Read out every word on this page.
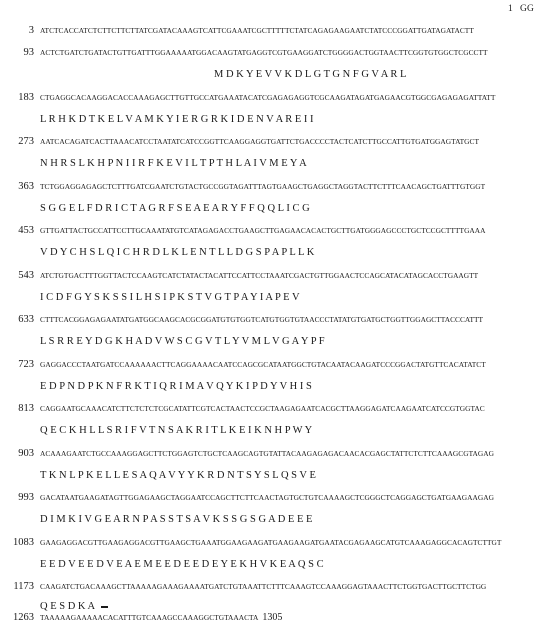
1 GG
3 ATCTCACCATCTCTTCTTCTTATCGATACAAAGTCATTCGAAATCGCTTTTTCTATCAGAGAAGAATCTATCCCGGATTGATAGATACTT
93 ACTCTGATCTGATACTGTTGATTTGGAAAAATGGACAAGTATGAGGTCGTGAAGGATCTGGGGACTGGTAACTTCGGTGTGGCTCGCCTT

M D K Y E V V K D L G T G N F G V A R L

183 CTGAGGCACAAGGACACCAAAGAGCTTGTTGCCATGAAATACATCGAGAGAGGTCGCAAGATAGATGAGAACGTGGCGAGAGAGATTATT

L R H K D T K E L V A M K Y I E R G R K I D E N V A R E I I

273 AATCACAGATCACTTAAACATCCTAATATCATCCGGTTCAAGGAGGTGATTCTGACCCCTACTCATCTTGCCATTGTGATGGAGTATGCT

N H R S L K H P N I I R F K E V I L T P T H L A I V M E Y A

363 TCTGGAGGAGAGCTCTTTGATCGAATCTGTACTGCCGGTAGATTTAGTGAAGCTGAGGCTAGGTACTTCTTTCAACAGCTGATTTGTGGT

S G G E L F D R I C T A G R F S E A E A R Y F F Q Q L I C G

453 GTTGATTACTGCCATTCCTTGCAAATATGTCATAGAGACCTGAAGCTTGAGAACACACTGCTTGATGGGAGCCCTGCTCCGCTTTTGAAA

V D Y C H S L Q I C H R D L K L E N T L L D G S P A P L L K

543 ATCTGTGACTTTGGTTACTCCAAGTCATCTATACTACATTCCATTCCTAAATCGACTGTTGGAACTCCAGCATACATAGCACCTGAAGTT

I C D F G Y S K S S I L H S I P K S T V G T P A Y I A P E V

633 CTTTCACGGAGAGAATATGATGGCAAGCACGCGGATGTGTGGTCATGTGGTGTAACCCTATATGTGATGCTGGTTGGAGCTTACCCATTT

L S R R E Y D G K H A D V W S C G V T L Y V M L V G A Y P F

723 GAGGACCCTAATGATCCAAAAAACTTCAGGAAAACAATCCAGCGCATAATGGCTGTACAATACAAGATCCCGGACTATGTTCACATATCT

E D P N D P K N F R K T I Q R I M A V Q Y K I P D Y V H I S

813 CAGGAATGCAAACATCTTCTCTCTCGCATATTCGTCACTAACTCCGCTAAGAGAATCACGCTTAAGGAGATCAAGAATCATCCGTGGTAC

Q E C K H L L S R I F V T N S A K R I T L K E I K N H P W Y

903 ACAAAGAATCTGCCAAAGGAGCTTCTGGAGTCTGCTCAAGCAGTGTATTACAAGAGAGACAACACGAGCTATTCTCTTCAAAGCGTAGAG

T K N L P K E L L E S A Q A V Y Y K R D N T S Y S L Q S V E

993 GACATAATGAAGATAGTTGGAGAAGCTAGGAATCCAGCTTCTTCAACTAGTGCTGTCAAAAGCTCGGGCTCAGGAGCTGATGAAGAAGAG

D I M K I V G E A R N P A S S T S A V K S S G S G A D E E E

1083 GAAGAGGACGTTGAAGAGGACGTTGAAGCTGAAATGGAAGAAGATGAAGAAGATGAATACGAGAAGCATGTCAAAGAGGCACAGTCTTGT

E E D V E E D V E A E M E E D E E D E Y E K H V K E A Q S C

1173 CAAGATCTGACAAAGCTTAAAAAGAAAGAAAATGATCTGTAAATTCTTTCAAAGTCCAAAGGAGTAAACTTCTGGTGACTTGCTTCTGG

Q E S D K A

1263 TAAAAAGAAAAACACATTTGTCAAAGCCAAAGGCTGTAAACTA 1305
